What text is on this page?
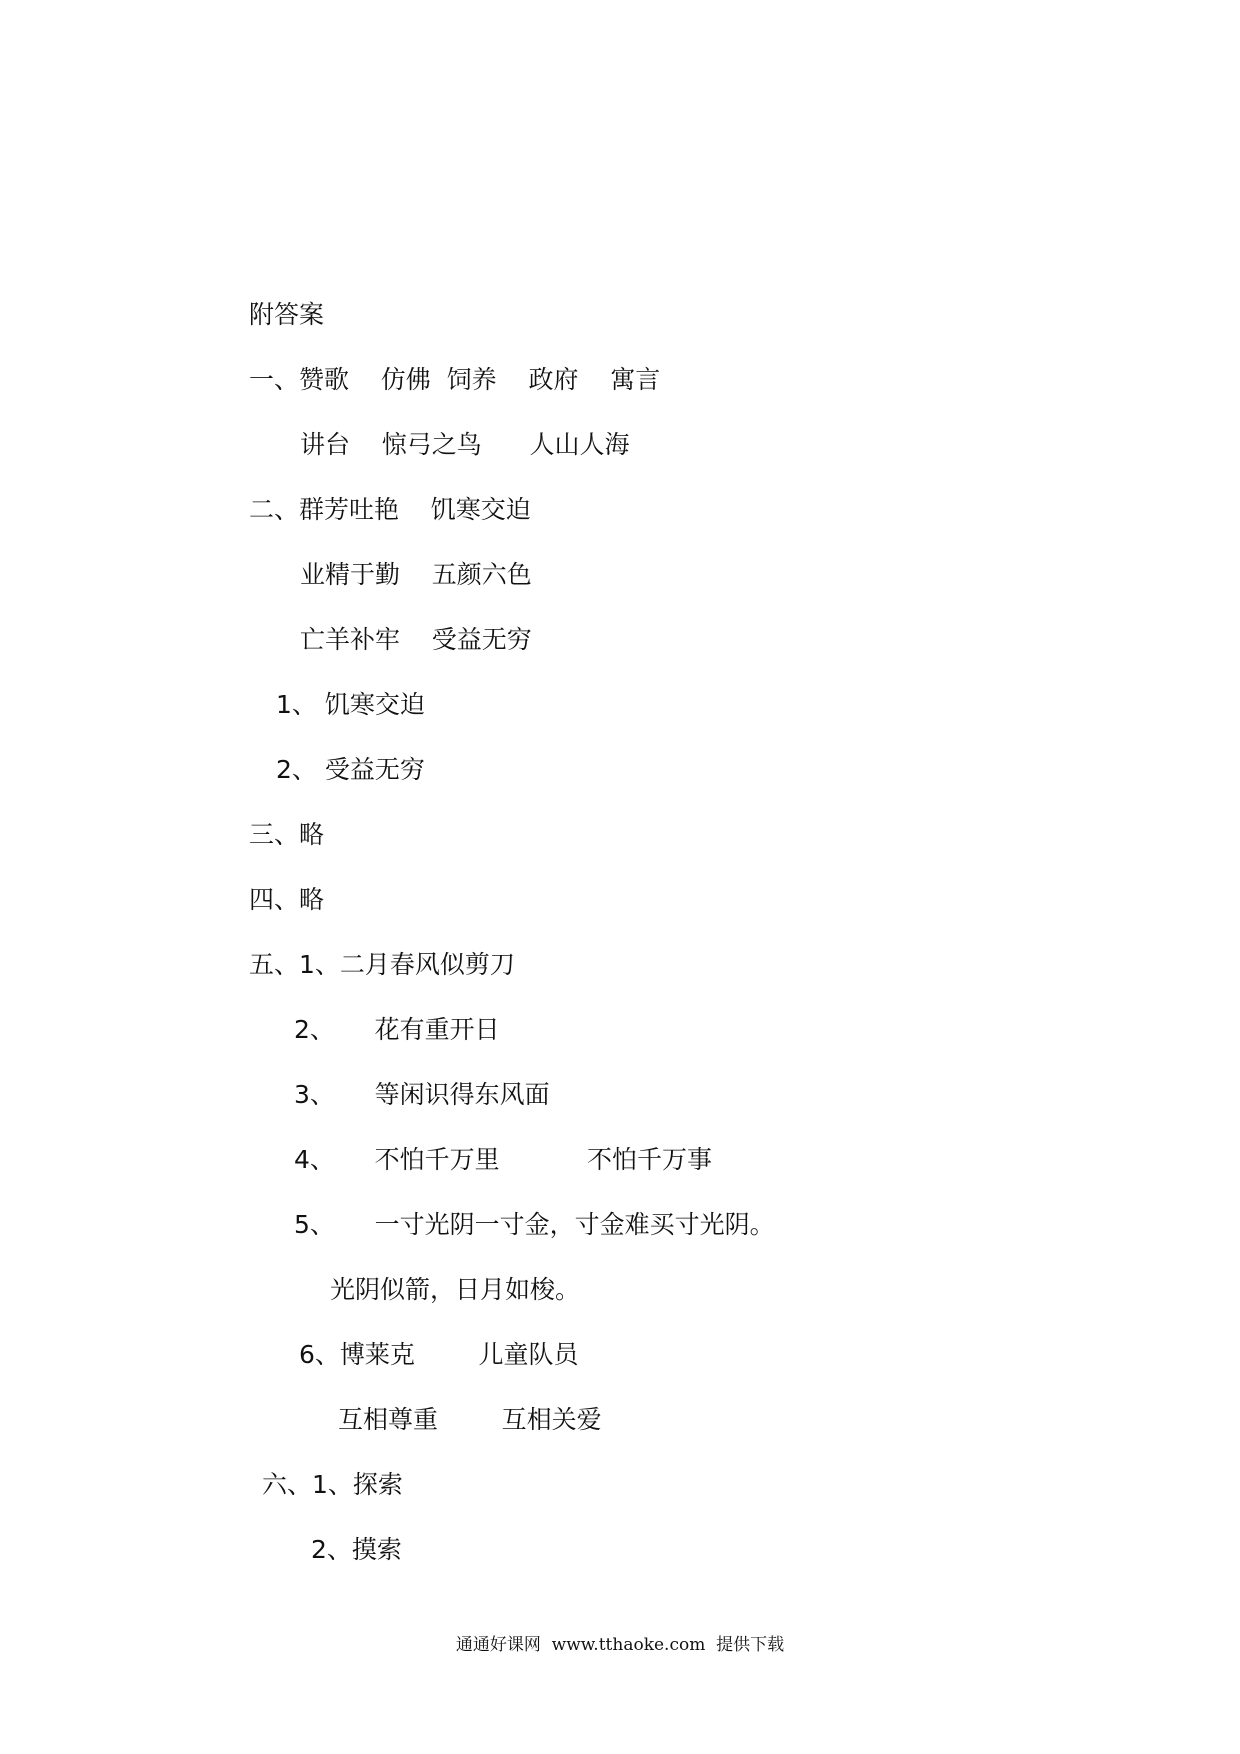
附答案
一、赞歌    仿佛  饲养    政府    寓言
讲台    惊弓之鸟      人山人海
二、群芳吐艳    饥寒交迫
业精于勤    五颜六色
亡羊补牢    受益无穷
1、 饥寒交迫
2、 受益无穷
三、略
四、略
五、1、二月春风似剪刀
2、     花有重开日
3、     等闲识得东风面
4、     不怕千万里           不怕千万事
5、     一寸光阴一寸金，寸金难买寸光阴。
光阴似箭，日月如梭。
6、博莱克        儿童队员
互相尊重        互相关爱
六、1、探索
2、摸索
通通好课网  www.tthaoke.com  提供下载
